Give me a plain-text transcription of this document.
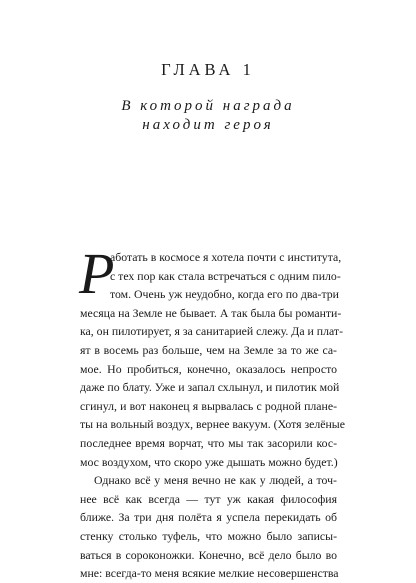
ГЛАВА 1
В которой награда
находит героя
Р

аботать в космосе я хотела почти с института,
с тех пор как стала встречаться с одним пило-
том. Очень уж неудобно, когда его по два-три
месяца на Земле не бывает. А так была бы романти-
ка, он пилотирует, я за санитарией слежу. Да и плат-
ят в восемь раз больше, чем на Земле за то же са-
мое. Но пробиться, конечно, оказалось непросто
даже по блату. Уже и запал схлынул, и пилотик мой
сгинул, и вот наконец я вырвалась с родной плане-
ты на вольный воздух, вернее вакуум. (Хотя зелёные
последнее время ворчат, что мы так засорили кос-
мос воздухом, что скоро уже дышать можно будет.)

Однако всё у меня вечно не как у людей, а точ-
нее всё как всегда — тут уж какая философия
ближе. За три дня полёта я успела перекидать об
стенку столько туфель, что можно было записы-
ваться в сороконожки. Конечно, всё дело было во
мне: всегда-то меня всякие мелкие несовершенства
